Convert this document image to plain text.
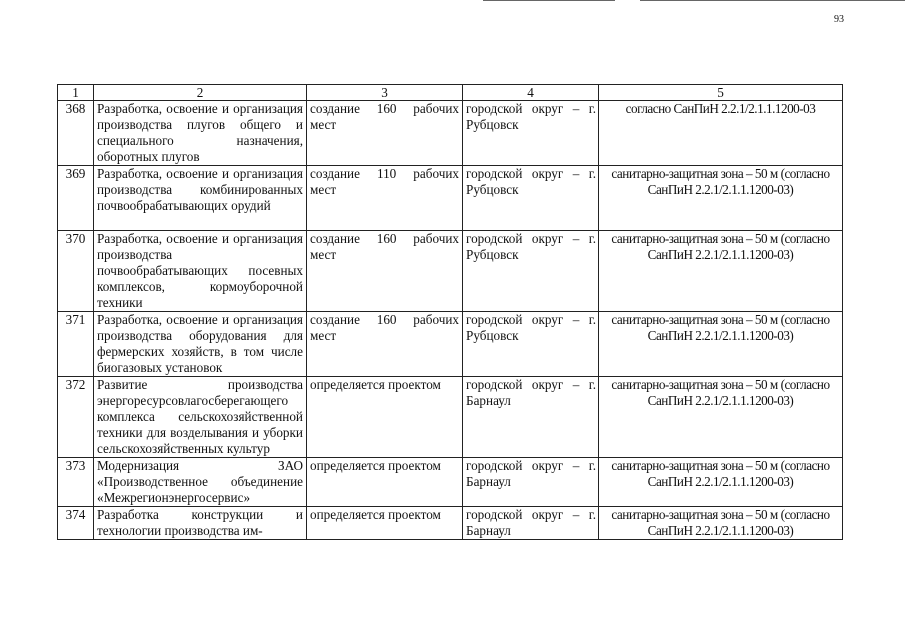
93
1	2	3	4	5
368	Разработка, освоение и организация производства плугов общего и специального назначения, оборотных плугов	создание 160 рабочих мест	городской округ – г. Рубцовск	согласно СанПиН 2.2.1/2.1.1.1200-03
369	Разработка, освоение и организация производства комбинированных почвообрабатывающих орудий	создание 110 рабочих мест	городской округ – г. Рубцовск	санитарно-защитная зона – 50 м (согласно СанПиН 2.2.1/2.1.1.1200-03)
370	Разработка, освоение и организация производства почвообрабатывающих посевных комплексов, кормоуборочной техники	создание 160 рабочих мест	городской округ – г. Рубцовск	санитарно-защитная зона – 50 м (согласно СанПиН 2.2.1/2.1.1.1200-03)
371	Разработка, освоение и организация производства оборудования для фермерских хозяйств, в том числе биогазовых установок	создание 160 рабочих мест	городской округ – г. Рубцовск	санитарно-защитная зона – 50 м (согласно СанПиН 2.2.1/2.1.1.1200-03)
372	Развитие производства энергоресурсовлагосберегающего комплекса сельскохозяйственной техники для возделывания и уборки сельскохозяйственных культур	определяется проектом	городской округ – г. Барнаул	санитарно-защитная зона – 50 м (согласно СанПиН 2.2.1/2.1.1.1200-03)
373	Модернизация ЗАО «Производственное объединение «Межрегионэнергосервис»	определяется проектом	городской округ – г. Барнаул	санитарно-защитная зона – 50 м (согласно СанПиН 2.2.1/2.1.1.1200-03)
374	Разработка конструкции и технологии производства им-	определяется проектом	городской округ – г. Барнаул	санитарно-защитная зона – 50 м (согласно СанПиН 2.2.1/2.1.1.1200-03)
